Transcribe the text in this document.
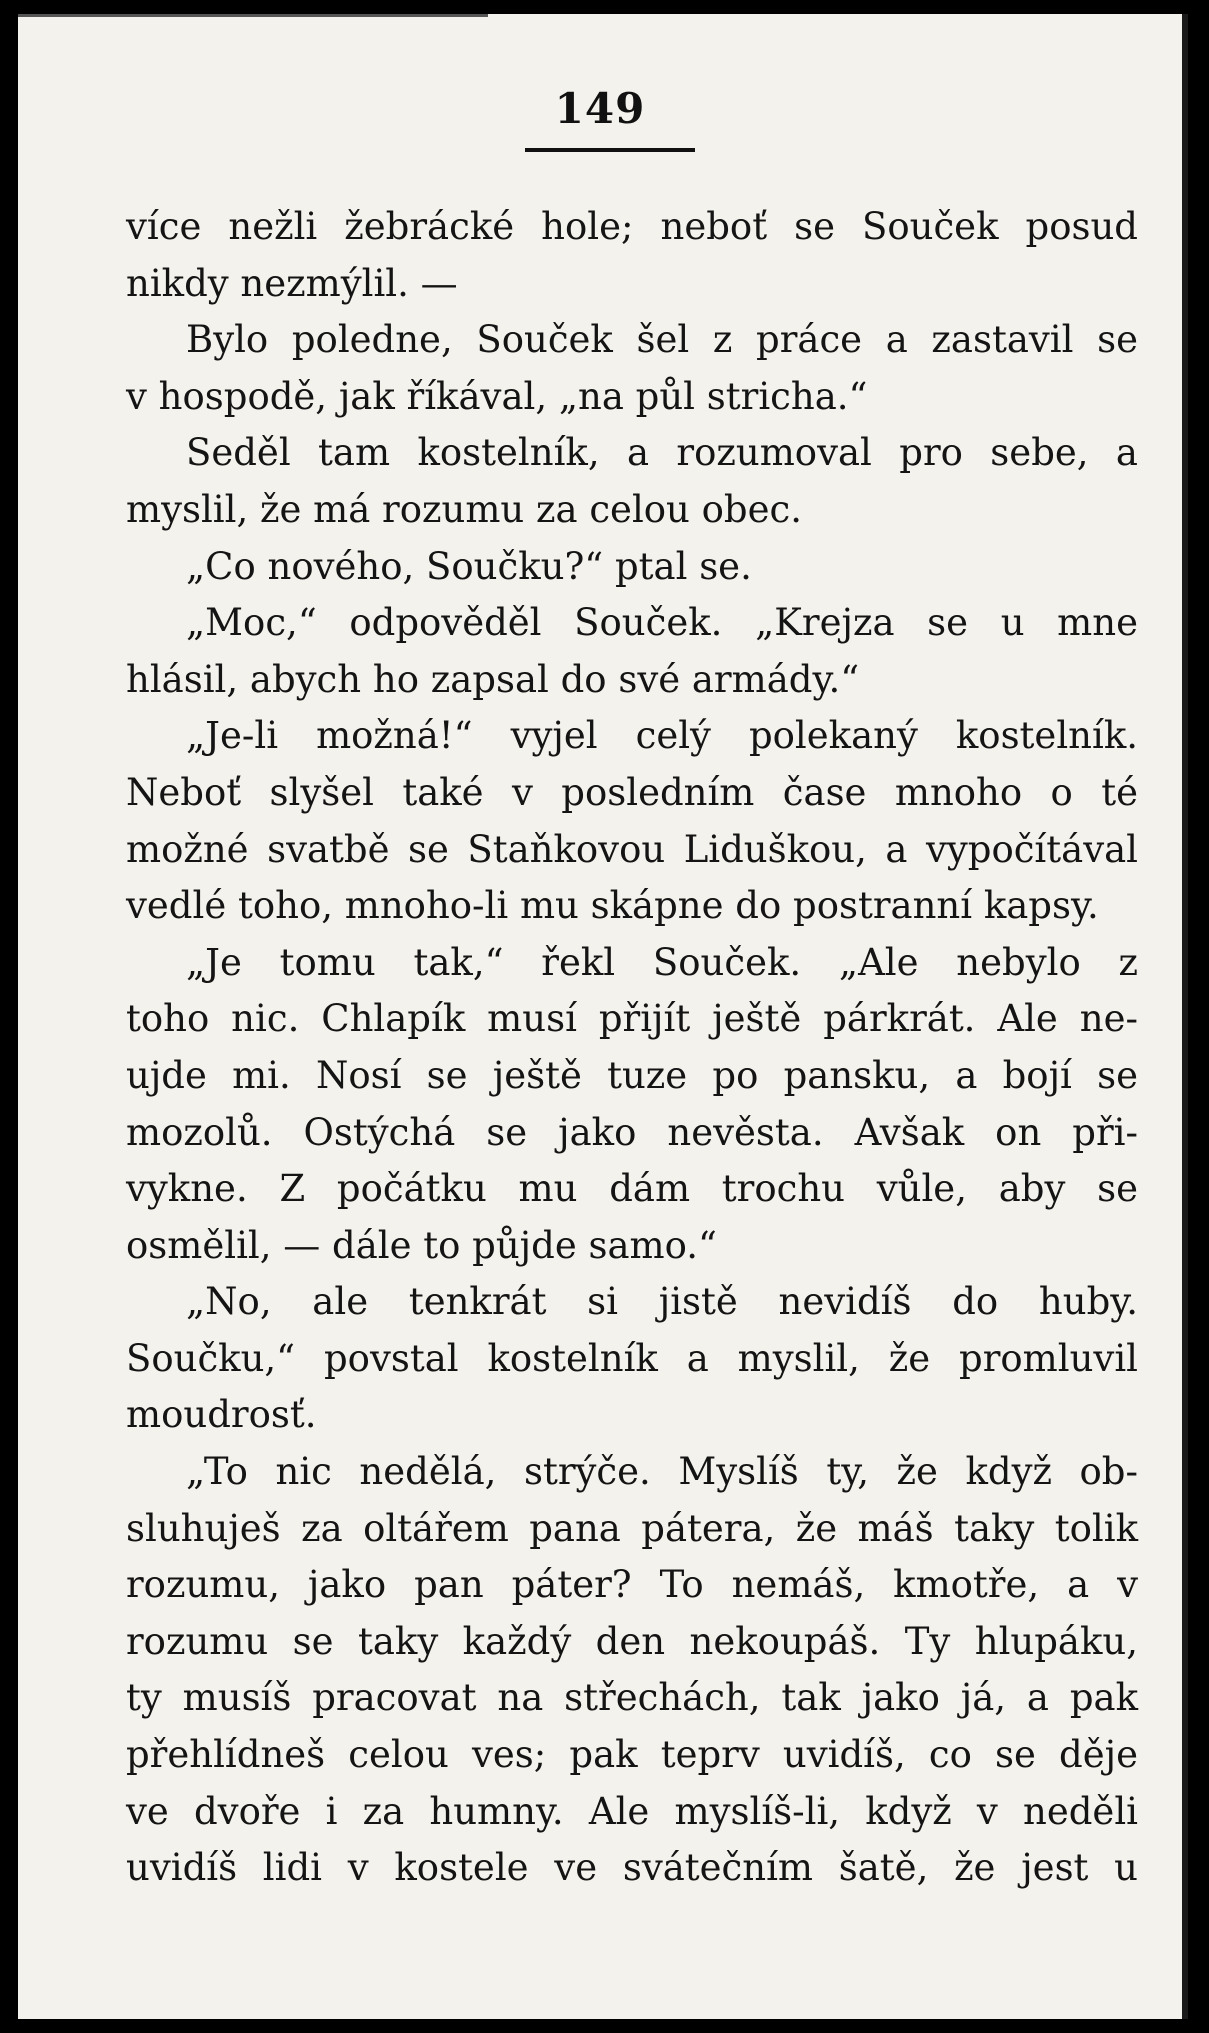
149
více nežli žebrácké hole; neboť se Souček posud
nikdy nezmýlil. —
Bylo poledne, Souček šel z práce a zastavil se
v hospodě, jak říkával, „na půl stricha.“
Seděl tam kostelník, a rozumoval pro sebe, a
myslil, že má rozumu za celou obec.
„Co nového, Součku?“ ptal se.
„Moc,“ odpověděl Souček. „Krejza se u mne
hlásil, abych ho zapsal do své armády.“
„Je-li možná!“ vyjel celý polekaný kostelník.
Neboť slyšel také v posledním čase mnoho o té
možné svatbě se Staňkovou Liduškou, a vypočítával
vedlé toho, mnoho-li mu skápne do postranní kapsy.
„Je tomu tak,“ řekl Souček. „Ale nebylo z
toho nic. Chlapík musí přijít ještě párkrát. Ale ne-
ujde mi. Nosí se ještě tuze po pansku, a bojí se
mozolů. Ostýchá se jako nevěsta. Avšak on při-
vykne. Z počátku mu dám trochu vůle, aby se
osmělil, — dále to půjde samo.“
„No, ale tenkrát si jistě nevidíš do huby.
Součku,“ povstal kostelník a myslil, že promluvil
moudrosť.
„To nic nedělá, strýče. Myslíš ty, že když ob-
sluhuješ za oltářem pana pátera, že máš taky tolik
rozumu, jako pan páter? To nemáš, kmotře, a v
rozumu se taky každý den nekoupáš. Ty hlupáku,
ty musíš pracovat na střechách, tak jako já, a pak
přehlídneš celou ves; pak teprv uvidíš, co se děje
ve dvoře i za humny. Ale myslíš-li, když v neděli
uvidíš lidi v kostele ve svátečním šatě, že jest u
